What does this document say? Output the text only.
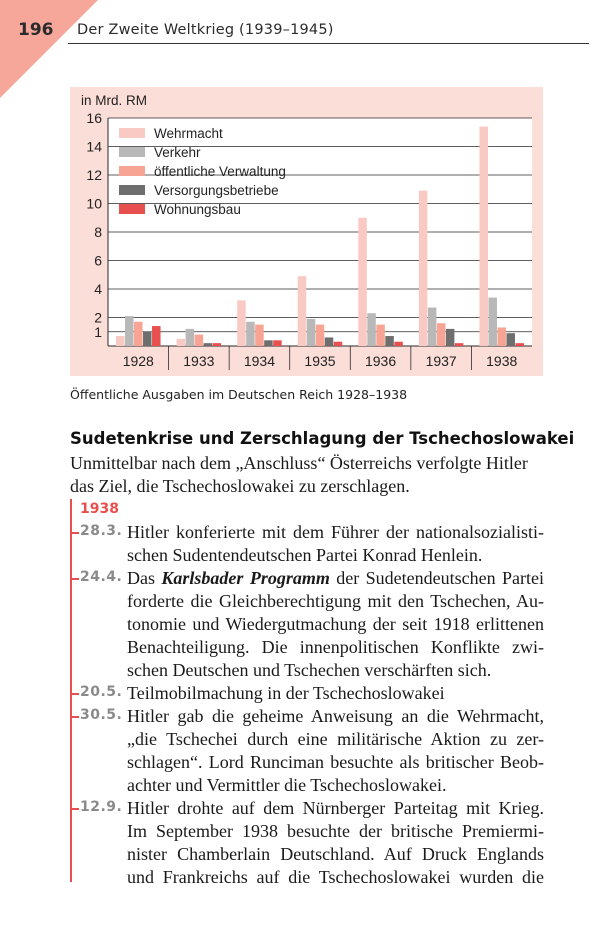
196 Der Zweite Weltkrieg (1939–1945)
1
2
4
6
8
10
12
14
16
1928 1933 1934 1935 1936 1937 1938
Wehrmacht
Verkehr
öffentliche Verwaltung
Versorgungsbetriebe
Wohnungsbau
in Mrd. RM
Öffentliche Ausgaben im Deutschen Reich 1928–1938
Sudetenkrise und Zerschlagung der Tschechoslowakei
Unmittelbar nach dem „Anschluss“ Österreichs verfolgte Hitler
das Ziel, die Tschechoslowakei zu zerschlagen.
1938
28.3. Hitler konferierte mit dem Führer der nationalsozialisti-
schen Sudentendeutschen Partei Konrad Henlein.
24.4. Das Karlsbader Programm der Sudetendeutschen Partei
forderte die Gleichberechtigung mit den Tschechen, Au-
tonomie und Wiedergutmachung der seit 1918 erlittenen
Benachteiligung. Die innenpolitischen Konflikte zwi-
schen Deutschen und Tschechen verschärften sich.
20.5. Teilmobilmachung in der Tschechoslowakei
30.5. Hitler gab die geheime Anweisung an die Wehrmacht,
„die Tschechei durch eine militärische Aktion zu zer-
schlagen“. Lord Runciman besuchte als britischer Beob-
achter und Vermittler die Tschechoslowakei.
12.9. Hitler drohte auf dem Nürnberger Parteitag mit Krieg.
Im September 1938 besuchte der britische Premiermi-
nister Chamberlain Deutschland. Auf Druck Englands
und Frankreichs auf die Tschechoslowakei wurden die
